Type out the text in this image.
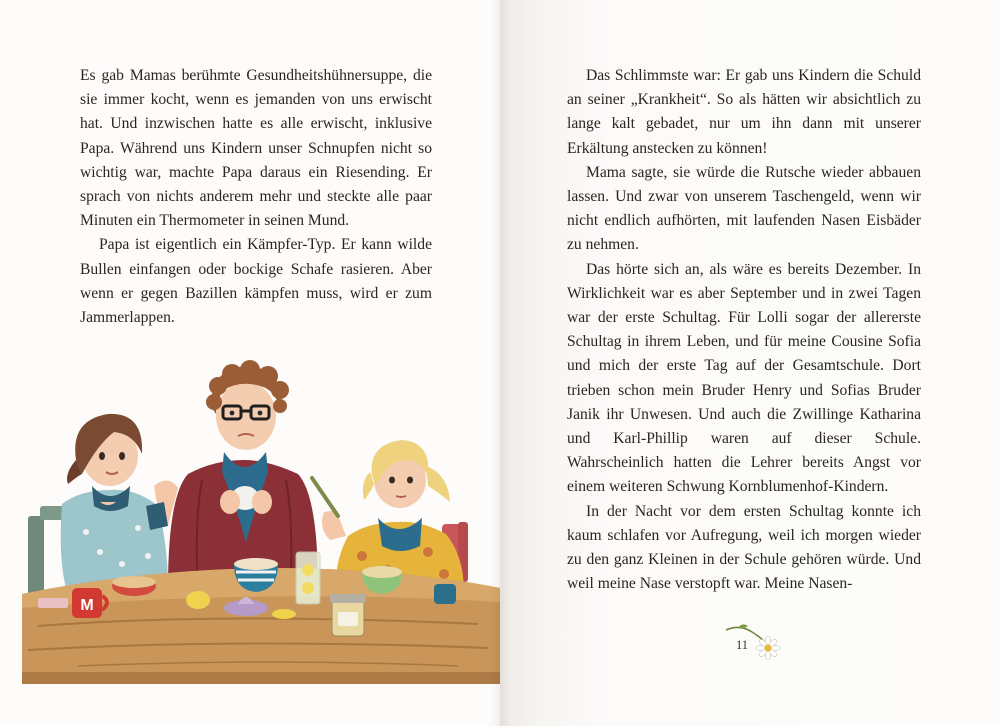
Es gab Mamas berühmte Gesundheitshühnersuppe, die sie immer kocht, wenn es jemanden von uns erwischt hat. Und inzwischen hatte es alle erwischt, inklusive Papa. Während uns Kindern unser Schnupfen nicht so wichtig war, machte Papa daraus ein Riesending. Er sprach von nichts anderem mehr und steckte alle paar Minuten ein Thermometer in seinen Mund.

Papa ist eigentlich ein Kämpfer-Typ. Er kann wilde Bullen einfangen oder bockige Schafe rasieren. Aber wenn er gegen Bazillen kämpfen muss, wird er zum Jammerlappen.

M

Das Schlimmste war: Er gab uns Kindern die Schuld an seiner „Krankheit“. So als hätten wir absichtlich zu lange kalt gebadet, nur um ihn dann mit unserer Erkältung anstecken zu können!

Mama sagte, sie würde die Rutsche wieder abbauen lassen. Und zwar von unserem Taschengeld, wenn wir nicht endlich aufhörten, mit laufenden Nasen Eisbäder zu nehmen.

Das hörte sich an, als wäre es bereits Dezember. In Wirklichkeit war es aber September und in zwei Tagen war der erste Schultag. Für Lolli sogar der allererste Schultag in ihrem Leben, und für meine Cousine Sofia und mich der erste Tag auf der Gesamtschule. Dort trieben schon mein Bruder Henry und Sofias Bruder Janik ihr Unwesen. Und auch die Zwillinge Katharina und Karl-Phillip waren auf dieser Schule. Wahrscheinlich hatten die Lehrer bereits Angst vor einem weiteren Schwung Kornblumenhof-Kindern.

In der Nacht vor dem ersten Schultag konnte ich kaum schlafen vor Aufregung, weil ich morgen wieder zu den ganz Kleinen in der Schule gehören würde. Und weil meine Nase verstopft war. Meine Nasen-

11
